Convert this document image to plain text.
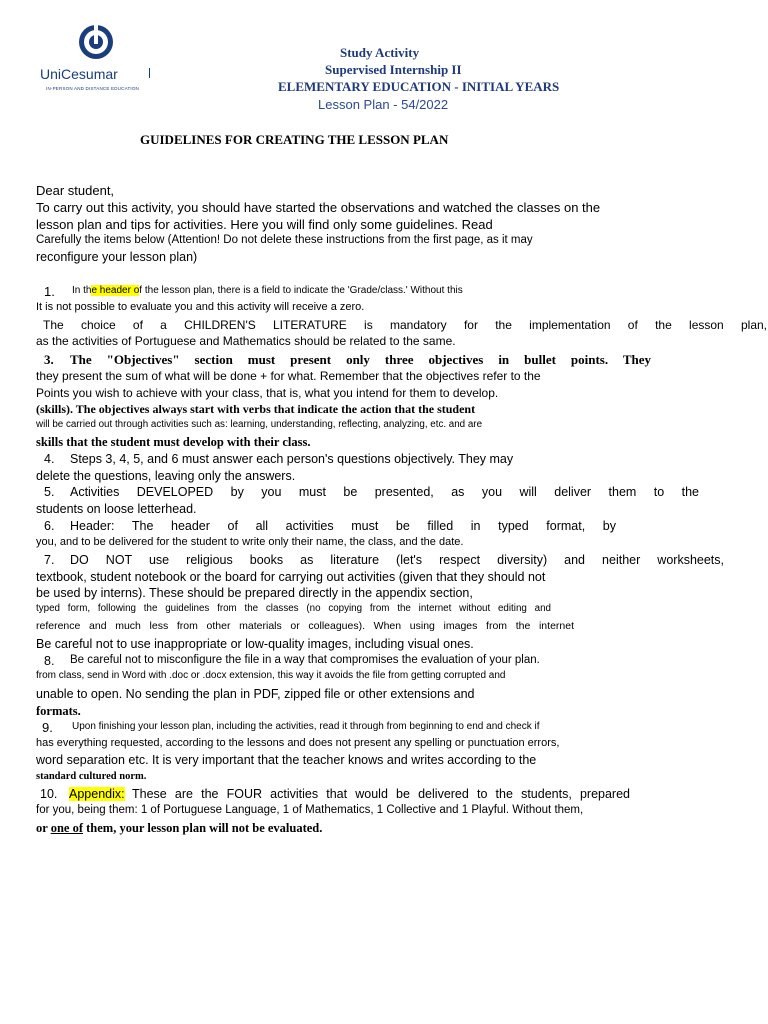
UniCesumar
IN-PERSON AND DISTANCE EDUCATION
Study Activity
Supervised Internship II
ELEMENTARY EDUCATION - INITIAL YEARS
Lesson Plan - 54/2022
GUIDELINES FOR CREATING THE LESSON PLAN
Dear student,
To carry out this activity, you should have started the observations and watched the classes on the
lesson plan and tips for activities. Here you will find only some guidelines. Read
Carefully the items below (Attention! Do not delete these instructions from the first page, as it may
reconfigure your lesson plan)
1. In the header of the lesson plan, there is a field to indicate the 'Grade/class.' Without this
It is not possible to evaluate you and this activity will receive a zero.
The choice of a CHILDREN'S LITERATURE is mandatory for the implementation of the lesson plan,
as the activities of Portuguese and Mathematics should be related to the same.
3. The "Objectives" section must present only three objectives in bullet points. They
they present the sum of what will be done + for what. Remember that the objectives refer to the
Points you wish to achieve with your class, that is, what you intend for them to develop.
(skills). The objectives always start with verbs that indicate the action that the student
will be carried out through activities such as: learning, understanding, reflecting, analyzing, etc. and are
skills that the student must develop with their class.
4. Steps 3, 4, 5, and 6 must answer each person's questions objectively. They may
delete the questions, leaving only the answers.
5. Activities DEVELOPED by you must be presented, as you will deliver them to the
students on loose letterhead.
6. Header: The header of all activities must be filled in typed format, by
you, and to be delivered for the student to write only their name, the class, and the date.
7. DO NOT use religious books as literature (let's respect diversity) and neither worksheets,
textbook, student notebook or the board for carrying out activities (given that they should not
be used by interns). These should be prepared directly in the appendix section,
typed form, following the guidelines from the classes (no copying from the internet without editing and
reference and much less from other materials or colleagues). When using images from the internet
Be careful not to use inappropriate or low-quality images, including visual ones.
8. Be careful not to misconfigure the file in a way that compromises the evaluation of your plan.
from class, send in Word with .doc or .docx extension, this way it avoids the file from getting corrupted and
unable to open. No sending the plan in PDF, zipped file or other extensions and
formats.
9. Upon finishing your lesson plan, including the activities, read it through from beginning to end and check if
has everything requested, according to the lessons and does not present any spelling or punctuation errors,
word separation etc. It is very important that the teacher knows and writes according to the
standard cultured norm.
10. Appendix: These are the FOUR activities that would be delivered to the students, prepared
for you, being them: 1 of Portuguese Language, 1 of Mathematics, 1 Collective and 1 Playful. Without them,
or one of them, your lesson plan will not be evaluated.
